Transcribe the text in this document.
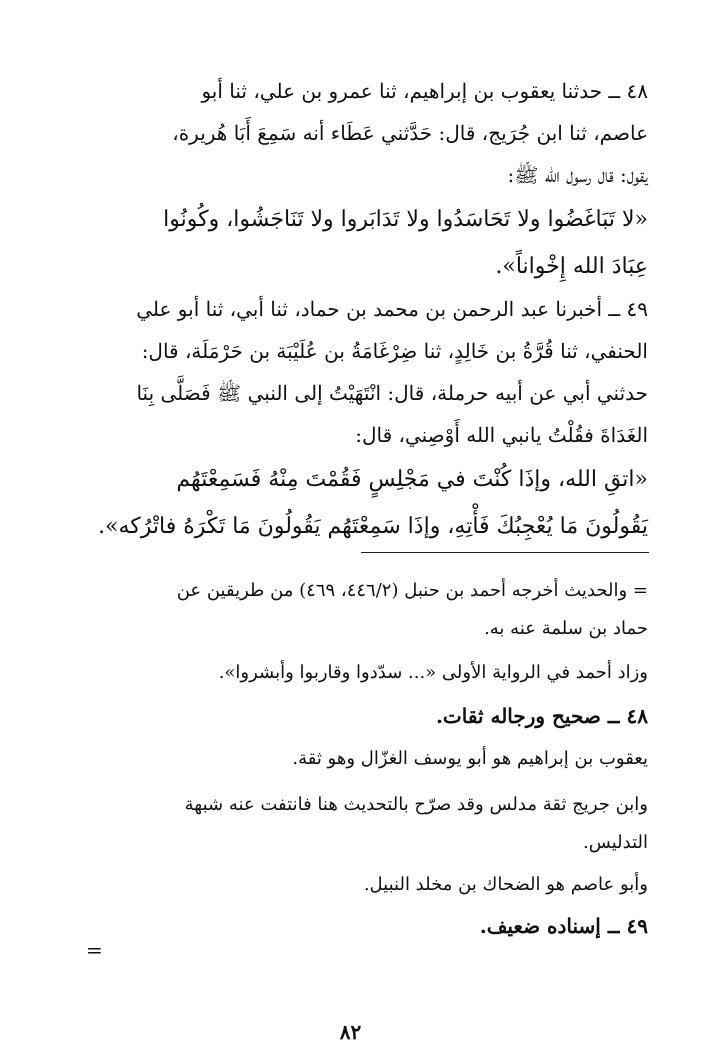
٤٨ ــ حدثنا يعقوب بن إبراهيم، ثنا عمرو بن علي، ثنا أبو

عاصم، ثنا ابن جُرَيج، قال: حَدَّثني عَطَاء أنه سَمِعَ أَبَا هُريرة،

يقول: قال رسول الله ﷺ:

«لا تَبَاغَضُوا ولا تَحَاسَدُوا ولا تَدَابَروا ولا تَنَاجَشُوا، وكُونُوا

عِبَادَ الله إِخْواناً».

٤٩ ــ أخبرنا عبد الرحمن بن محمد بن حماد، ثنا أبي، ثنا أبو علي

الحنفي، ثنا قُرَّةُ بن خَالِدٍ، ثنا ضِرْغَامَةُ بن عُلَيْبَة بن حَرْمَلَة، قال:

حدثني أبي عن أبيه حرملة، قال: انْتَهَيْتُ إلى النبي ﷺ فَصَلَّى بِنَا

الغَدَاةَ فقُلْتُ يانبي الله أَوْصِني، قال:

«اتقِ الله، وإذَا كُنْتَ في مَجْلِسٍ فَقُمْتَ مِنْهُ فَسَمِعْتَهُم

يَقُولُونَ مَا يُعْجِبُكَ فَأْتِهِ، وإذَا سَمِعْتَهُم يَقُولُونَ مَا تَكْرَهُ فاتْرُكه».

= والحديث أخرجه أحمد بن حنبل (٤٤٦/٢، ٤٦٩) من طريقين عن

حماد بن سلمة عنه به.

وزاد أحمد في الرواية الأولى «... سدّدوا وقاربوا وأبشروا».

٤٨ ــ صحيح ورجاله ثقات.

يعقوب بن إبراهيم هو أبو يوسف الغزّال وهو ثقة.

وابن جريج ثقة مدلس وقد صرّح بالتحديث هنا فانتفت عنه شبهة

التدليس.

وأبو عاصم هو الضحاك بن مخلد النبيل.

٤٩ ــ إسناده ضعيف.

=
٨٢
